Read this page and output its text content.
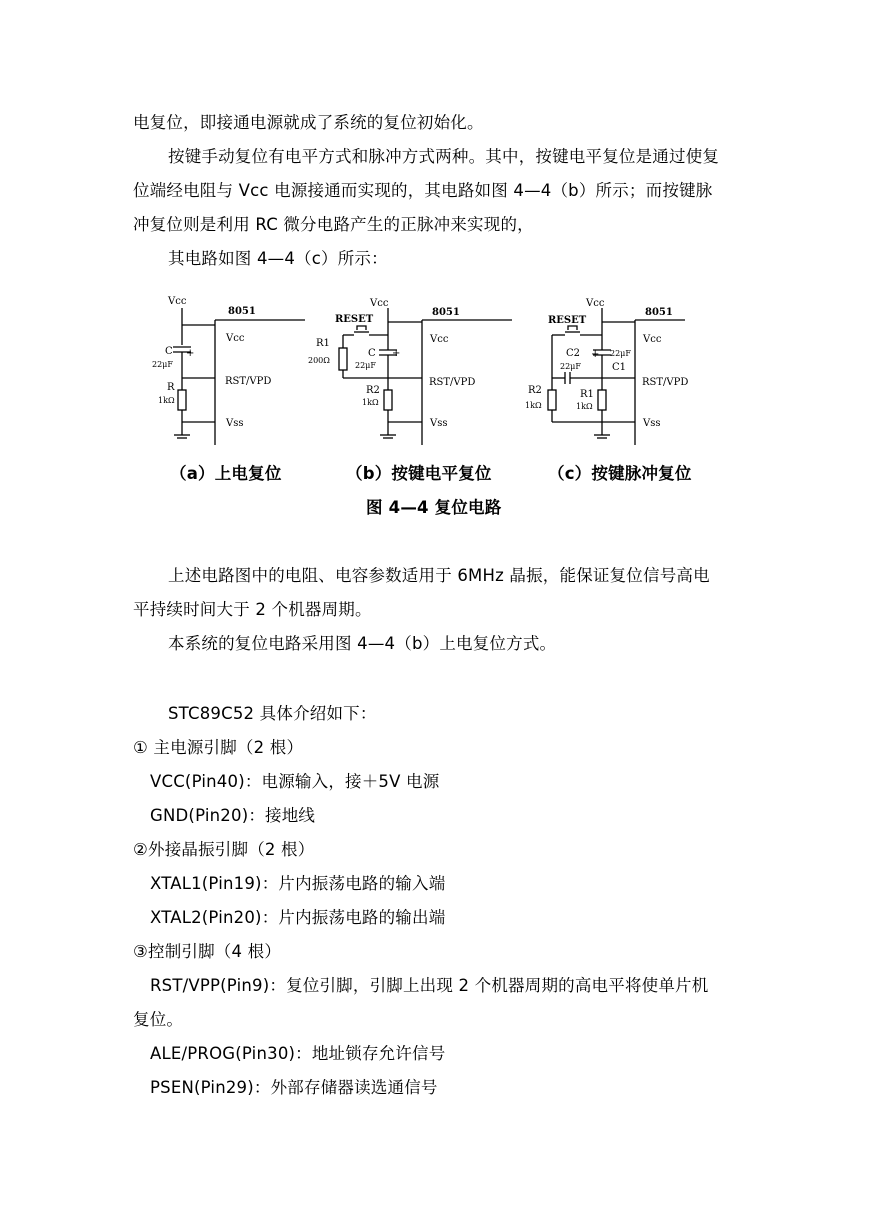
电复位，即接通电源就成了系统的复位初始化。
按键手动复位有电平方式和脉冲方式两种。其中，按键电平复位是通过使复
位端经电阻与 Vcc 电源接通而实现的，其电路如图 4—4（b）所示；而按键脉
冲复位则是利用 RC 微分电路产生的正脉冲来实现的，
其电路如图 4—4（c）所示：
Vcc
8051
Vcc
RST/VPD
Vss
C +
22μF
R
1kΩ
Vcc
8051
Vcc
RST/VPD
Vss
RESET
R1
200Ω
C +
22μF
R2
1kΩ
Vcc
8051
Vcc
RST/VPD
Vss
RESET
C2
22μF
+ 22μF
C1
R2
1kΩ
R1
1kΩ
（a）上电复位	（b）按键电平复位	（c）按键脉冲复位
图 4—4 复位电路
上述电路图中的电阻、电容参数适用于 6MHz 晶振，能保证复位信号高电
平持续时间大于 2 个机器周期。
本系统的复位电路采用图 4—4（b）上电复位方式。
STC89C52 具体介绍如下：
① 主电源引脚（2 根）
VCC(Pin40)：电源输入，接＋5V 电源
GND(Pin20)：接地线
②外接晶振引脚（2 根）
XTAL1(Pin19)：片内振荡电路的输入端
XTAL2(Pin20)：片内振荡电路的输出端
③控制引脚（4 根）
RST/VPP(Pin9)：复位引脚，引脚上出现 2 个机器周期的高电平将使单片机
复位。
ALE/PROG(Pin30)：地址锁存允许信号
PSEN(Pin29)：外部存储器读选通信号
